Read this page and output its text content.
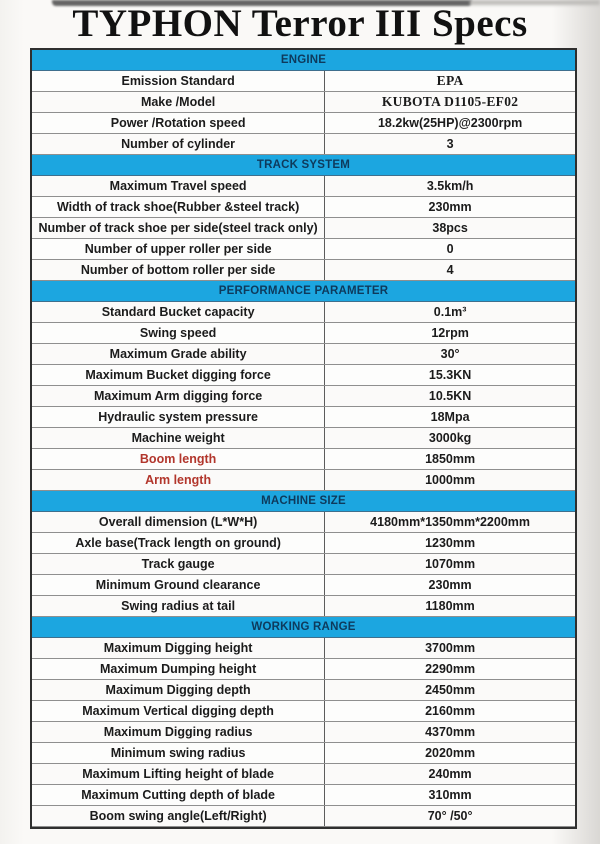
TYPHON Terror III Specs
ENGINE
Emission Standard	EPA
Make /Model	KUBOTA D1105-EF02
Power /Rotation speed	18.2kw(25HP)@2300rpm
Number of cylinder	3
TRACK SYSTEM
Maximum Travel speed	3.5km/h
Width of track shoe(Rubber &steel track)	230mm
Number of track shoe per side(steel track only)	38pcs
Number of upper roller per side	0
Number of bottom roller per side	4
PERFORMANCE PARAMETER
Standard Bucket capacity	0.1m³
Swing speed	12rpm
Maximum Grade ability	30°
Maximum Bucket digging force	15.3KN
Maximum Arm digging force	10.5KN
Hydraulic system pressure	18Mpa
Machine weight	3000kg
Boom length	1850mm
Arm length	1000mm
MACHINE SIZE
Overall dimension (L*W*H)	4180mm*1350mm*2200mm
Axle base(Track length on ground)	1230mm
Track gauge	1070mm
Minimum Ground clearance	230mm
Swing radius at tail	1180mm
WORKING RANGE
Maximum Digging height	3700mm
Maximum Dumping height	2290mm
Maximum Digging depth	2450mm
Maximum Vertical digging depth	2160mm
Maximum Digging radius	4370mm
Minimum swing radius	2020mm
Maximum Lifting height of blade	240mm
Maximum Cutting depth of blade	310mm
Boom swing angle(Left/Right)	70° /50°
